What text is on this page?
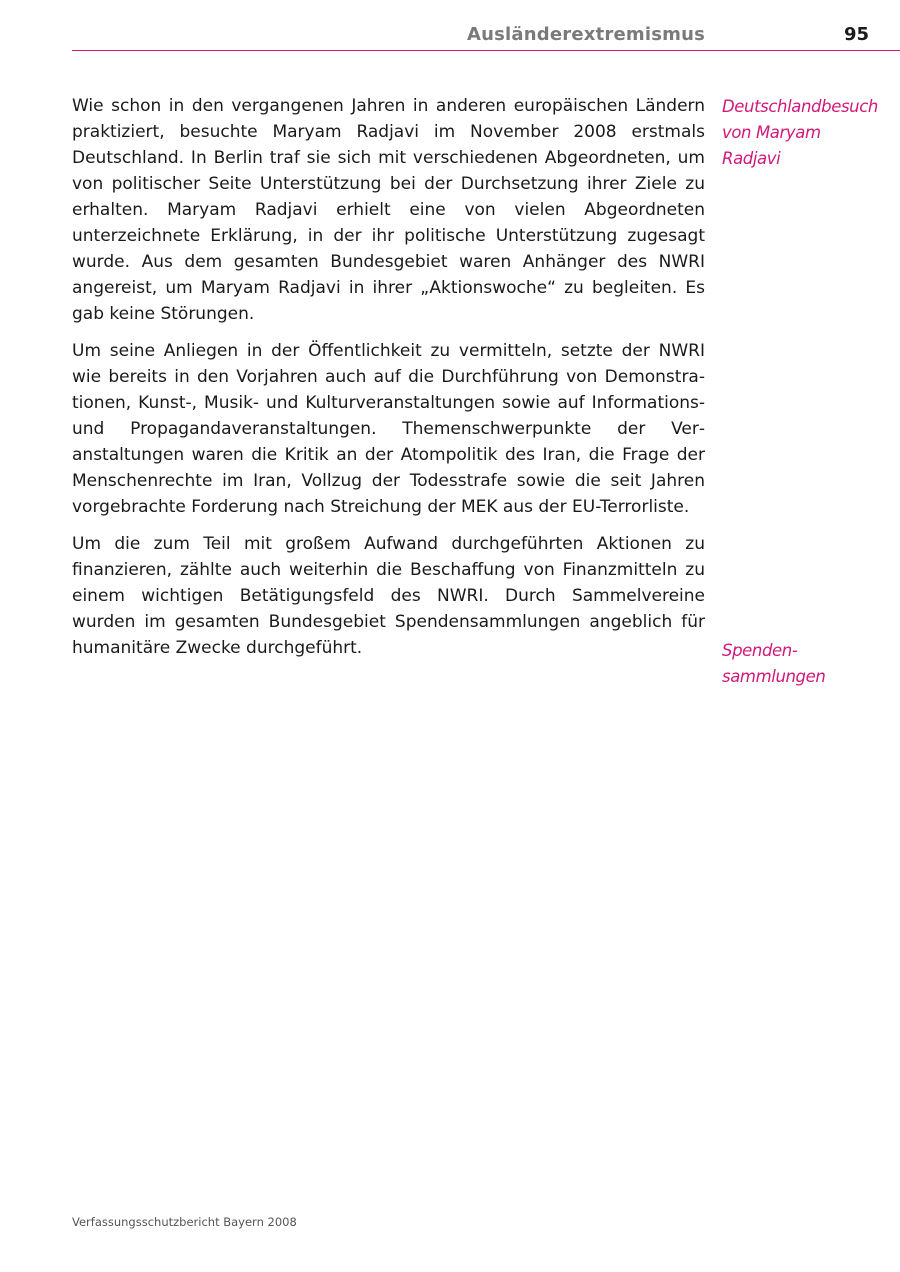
Ausländerextremismus	95

Wie schon in den vergangenen Jahren in anderen europäischen Ländern praktiziert, besuchte Maryam Radjavi im November 2008 erstmals Deutschland. In Berlin traf sie sich mit verschiedenen Abgeordneten, um von politischer Seite Unterstützung bei der Durchsetzung ihrer Ziele zu erhalten. Maryam Radjavi erhielt eine von vielen Abgeordneten unterzeichnete Erklärung, in der ihr politische Unterstützung zugesagt wurde. Aus dem gesamten Bundesgebiet waren Anhänger des NWRI angereist, um Maryam Radjavi in ihrer „Aktionswoche“ zu begleiten. Es gab keine Störungen.

Um seine Anliegen in der Öffentlichkeit zu vermitteln, setzte der NWRI wie bereits in den Vorjahren auch auf die Durchführung von Demonstrationen, Kunst-, Musik- und Kulturveranstaltungen sowie auf Informations- und Propagandaveranstaltungen. Themenschwerpunkte der Veranstaltungen waren die Kritik an der Atompolitik des Iran, die Frage der Menschenrechte im Iran, Vollzug der Todesstrafe sowie die seit Jahren vorgebrachte Forderung nach Streichung der MEK aus der EU-Terrorliste.

Um die zum Teil mit großem Aufwand durchgeführten Aktionen zu finanzieren, zählte auch weiterhin die Beschaffung von Finanzmitteln zu einem wichtigen Betätigungsfeld des NWRI. Durch Sammelvereine wurden im gesamten Bundesgebiet Spendensammlungen angeblich für humanitäre Zwecke durchgeführt.

Deutschlandbesuch
von Maryam
Radjavi
Spenden-
sammlungen
Verfassungsschutzbericht Bayern 2008
